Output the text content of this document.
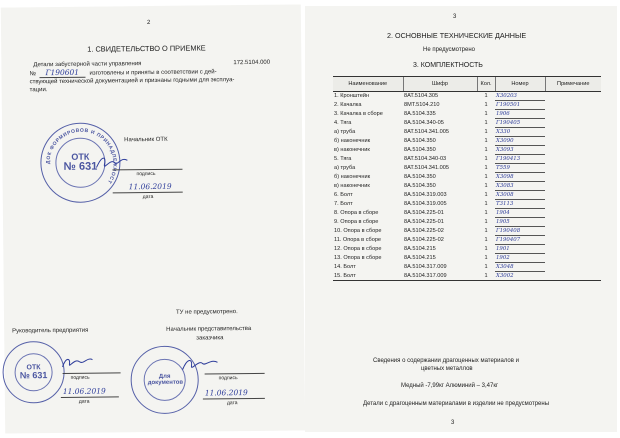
2
1. СВИДЕТЕЛЬСТВО О ПРИЕМКЕ
Детали забустерной части управления	172.5104.000
№ Г190601 изготовлены и приняты в соответствии с дей-
ствующей технической документацией и признаны годными для эксплуа-
тации.
Начальник ОТК
ДОК ФОРМИРОВОВ И ПРИНАДЛЕЖНОСТ
ОТК
№ 631
подпись
11.06.2019
дата
ТУ не предусмотрено.
Руководитель предприятия
ОТК
№ 631	подпись
11.06.2019
дата
Начальник представительства
заказчика
Для документов
подпись
11.06.2019
дата
3
2. ОСНОВНЫЕ ТЕХНИЧЕСКИЕ ДАННЫЕ
Не предусмотрено
3. КОМПЛЕКТНОСТЬ
Наименование	Шифр	Кол.	Номер	Примечание
1. Кронштейн	8АТ.5104.305	1	Х30203	
2. Качалка	8МТ.5104.210	1	Г190501	
3. Качалка в сборе	8А.5104.335	1	1906	
4. Тяга	8А.5104.340-05	1	Г190405	
а) труба	8АТ.5104.341.005	1	Х330	
б) наконечник	8А.5104.350	1	Х3090	
в) наконечник	8А.5104.350	1	Х3093	
5. Тяга	8АТ.5104.340-03	1	Г190413	
а) труба	8АТ.5104.341.005	1	Т559	
б) наконечник	8А.5104.350	1	Х3098	
в) наконечник	8А.5104.350	1	Х3083	
6. Болт	8А.5104.319.003	1	Х3008	
7. Болт	8А.5104.319.005	1	Т3113	
8. Опора в сборе	8А.5104.225-01	1	1904	
9. Опора в сборе	8А.5104.225-01	1	1905	
10. Опора в сборе	8А.5104.225-02	1	Г190408	
11. Опора в сборе	8А.5104.225-02	1	Г190407	
12. Опора в сборе	8А.5104.215	1	1901	
13. Опора в сборе	8А.5104.215	1	1902	
14. Болт	8А.5104.317.009	1	Х3048	
15. Болт	8А.5104.317.009	1	Х3002	
Сведения о содержании драгоценных материалов и
цветных металлов
Медный -7,99кг Алюминий – 3,47кг
Детали с драгоценным материалами в изделии не предусмотрены
3
